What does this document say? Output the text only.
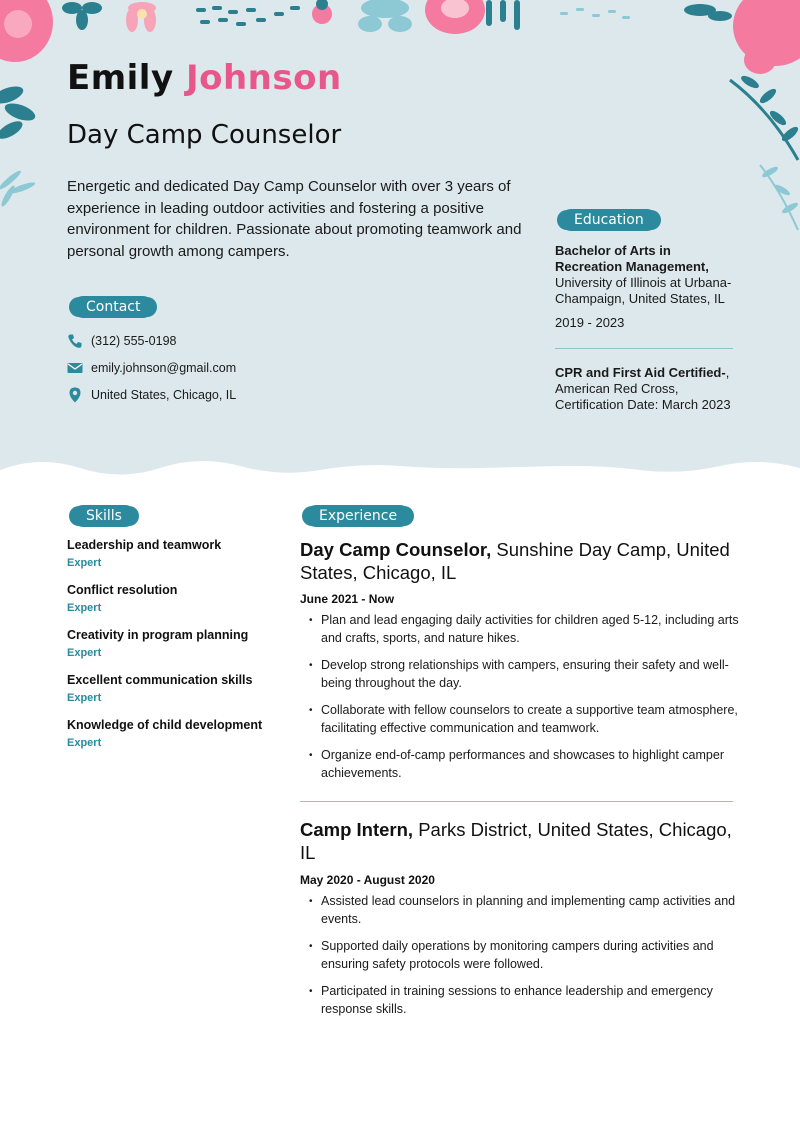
Emily Johnson
Day Camp Counselor

Energetic and dedicated Day Camp Counselor with over 3 years of experience in leading outdoor activities and fostering a positive environment for children. Passionate about promoting teamwork and personal growth among campers.

Contact
(312) 555-0198
emily.johnson@gmail.com
United States, Chicago, IL
Education
Bachelor of Arts in Recreation Management, University of Illinois at Urbana-Champaign, United States, IL
2019 - 2023
CPR and First Aid Certified-, American Red Cross, Certification Date: March 2023
Skills
Leadership and teamwork
Expert
Conflict resolution
Expert
Creativity in program planning
Expert
Excellent communication skills
Expert
Knowledge of child development
Expert
Experience
Day Camp Counselor, Sunshine Day Camp, United States, Chicago, IL
June 2021 - Now
• Plan and lead engaging daily activities for children aged 5-12, including arts and crafts, sports, and nature hikes.
• Develop strong relationships with campers, ensuring their safety and well-being throughout the day.
• Collaborate with fellow counselors to create a supportive team atmosphere, facilitating effective communication and teamwork.
• Organize end-of-camp performances and showcases to highlight camper achievements.
Camp Intern, Parks District, United States, Chicago, IL
May 2020 - August 2020
• Assisted lead counselors in planning and implementing camp activities and events.
• Supported daily operations by monitoring campers during activities and ensuring safety protocols were followed.
• Participated in training sessions to enhance leadership and emergency response skills.
